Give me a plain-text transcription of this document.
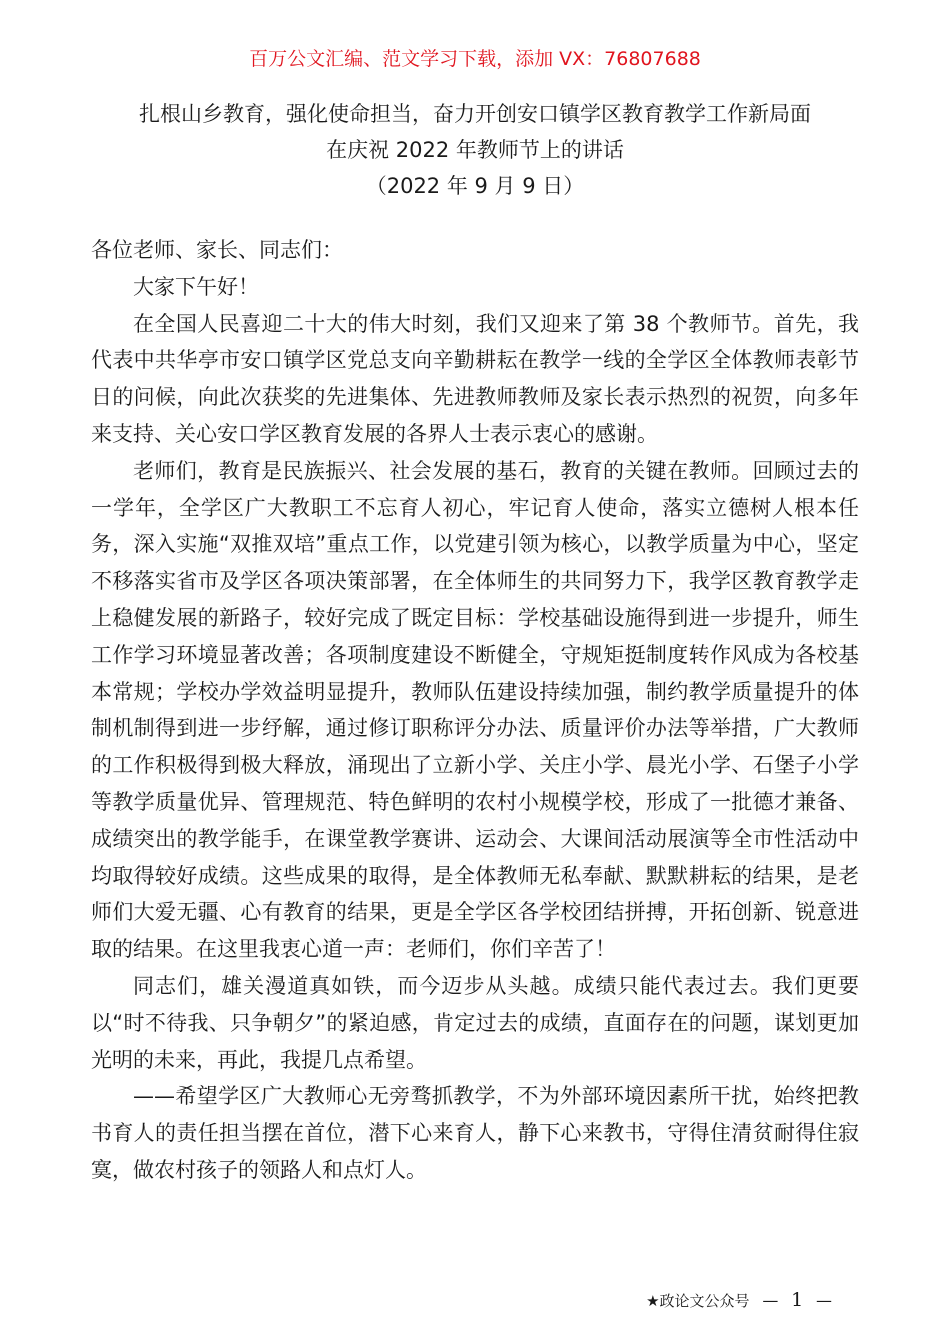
百万公文汇编、范文学习下载，添加 VX：76807688
扎根山乡教育，强化使命担当，奋力开创安口镇学区教育教学工作新局面
在庆祝 2022 年教师节上的讲话
（2022 年 9 月 9 日）

各位老师、家长、同志们：

大家下午好！

在全国人民喜迎二十大的伟大时刻，我们又迎来了第 38 个教师节。首先，我代表中共华亭市安口镇学区党总支向辛勤耕耘在教学一线的全学区全体教师表彰节日的问候，向此次获奖的先进集体、先进教师教师及家长表示热烈的祝贺，向多年来支持、关心安口学区教育发展的各界人士表示衷心的感谢。

老师们，教育是民族振兴、社会发展的基石，教育的关键在教师。回顾过去的一学年，全学区广大教职工不忘育人初心，牢记育人使命，落实立德树人根本任务，深入实施“双推双培”重点工作，以党建引领为核心，以教学质量为中心，坚定不移落实省市及学区各项决策部署，在全体师生的共同努力下，我学区教育教学走上稳健发展的新路子，较好完成了既定目标：学校基础设施得到进一步提升，师生工作学习环境显著改善；各项制度建设不断健全，守规矩挺制度转作风成为各校基本常规；学校办学效益明显提升，教师队伍建设持续加强，制约教学质量提升的体制机制得到进一步纾解，通过修订职称评分办法、质量评价办法等举措，广大教师的工作积极得到极大释放，涌现出了立新小学、关庄小学、晨光小学、石堡子小学等教学质量优异、管理规范、特色鲜明的农村小规模学校，形成了一批德才兼备、成绩突出的教学能手，在课堂教学赛讲、运动会、大课间活动展演等全市性活动中均取得较好成绩。这些成果的取得，是全体教师无私奉献、默默耕耘的结果，是老师们大爱无疆、心有教育的结果，更是全学区各学校团结拼搏，开拓创新、锐意进取的结果。在这里我衷心道一声：老师们，你们辛苦了！

同志们，雄关漫道真如铁，而今迈步从头越。成绩只能代表过去。我们更要以“时不待我、只争朝夕”的紧迫感，肯定过去的成绩，直面存在的问题，谋划更加光明的未来，再此，我提几点希望。

——希望学区广大教师心无旁骛抓教学，不为外部环境因素所干扰，始终把教书育人的责任担当摆在首位，潜下心来育人，静下心来教书，守得住清贫耐得住寂寞，做农村孩子的领路人和点灯人。

★政论文公众号 — 1 —
